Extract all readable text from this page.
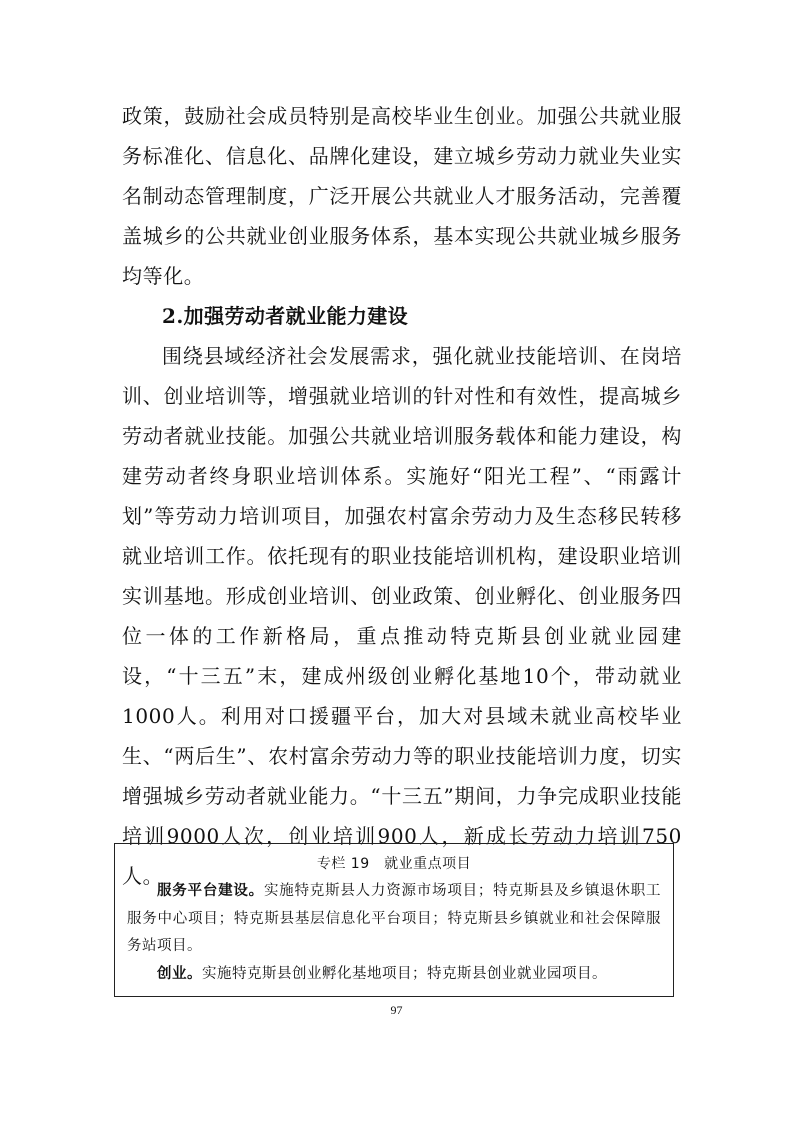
政策，鼓励社会成员特别是高校毕业生创业。加强公共就业服务标准化、信息化、品牌化建设，建立城乡劳动力就业失业实名制动态管理制度，广泛开展公共就业人才服务活动，完善覆盖城乡的公共就业创业服务体系，基本实现公共就业城乡服务均等化。

2.加强劳动者就业能力建设

围绕县域经济社会发展需求，强化就业技能培训、在岗培训、创业培训等，增强就业培训的针对性和有效性，提高城乡劳动者就业技能。加强公共就业培训服务载体和能力建设，构建劳动者终身职业培训体系。实施好“阳光工程”、“雨露计划”等劳动力培训项目，加强农村富余劳动力及生态移民转移就业培训工作。依托现有的职业技能培训机构，建设职业培训实训基地。形成创业培训、创业政策、创业孵化、创业服务四位一体的工作新格局，重点推动特克斯县创业就业园建设，“十三五”末，建成州级创业孵化基地10个，带动就业1000人。利用对口援疆平台，加大对县域未就业高校毕业生、“两后生”、农村富余劳动力等的职业技能培训力度，切实增强城乡劳动者就业能力。“十三五”期间，力争完成职业技能培训9000人次，创业培训900人，新成长劳动力培训750人。	专栏 19　就业重点项目

服务平台建设。实施特克斯县人力资源市场项目；特克斯县及乡镇退休职工服务中心项目；特克斯县基层信息化平台项目；特克斯县乡镇就业和社会保障服务站项目。

创业。实施特克斯县创业孵化基地项目；特克斯县创业就业园项目。

97
